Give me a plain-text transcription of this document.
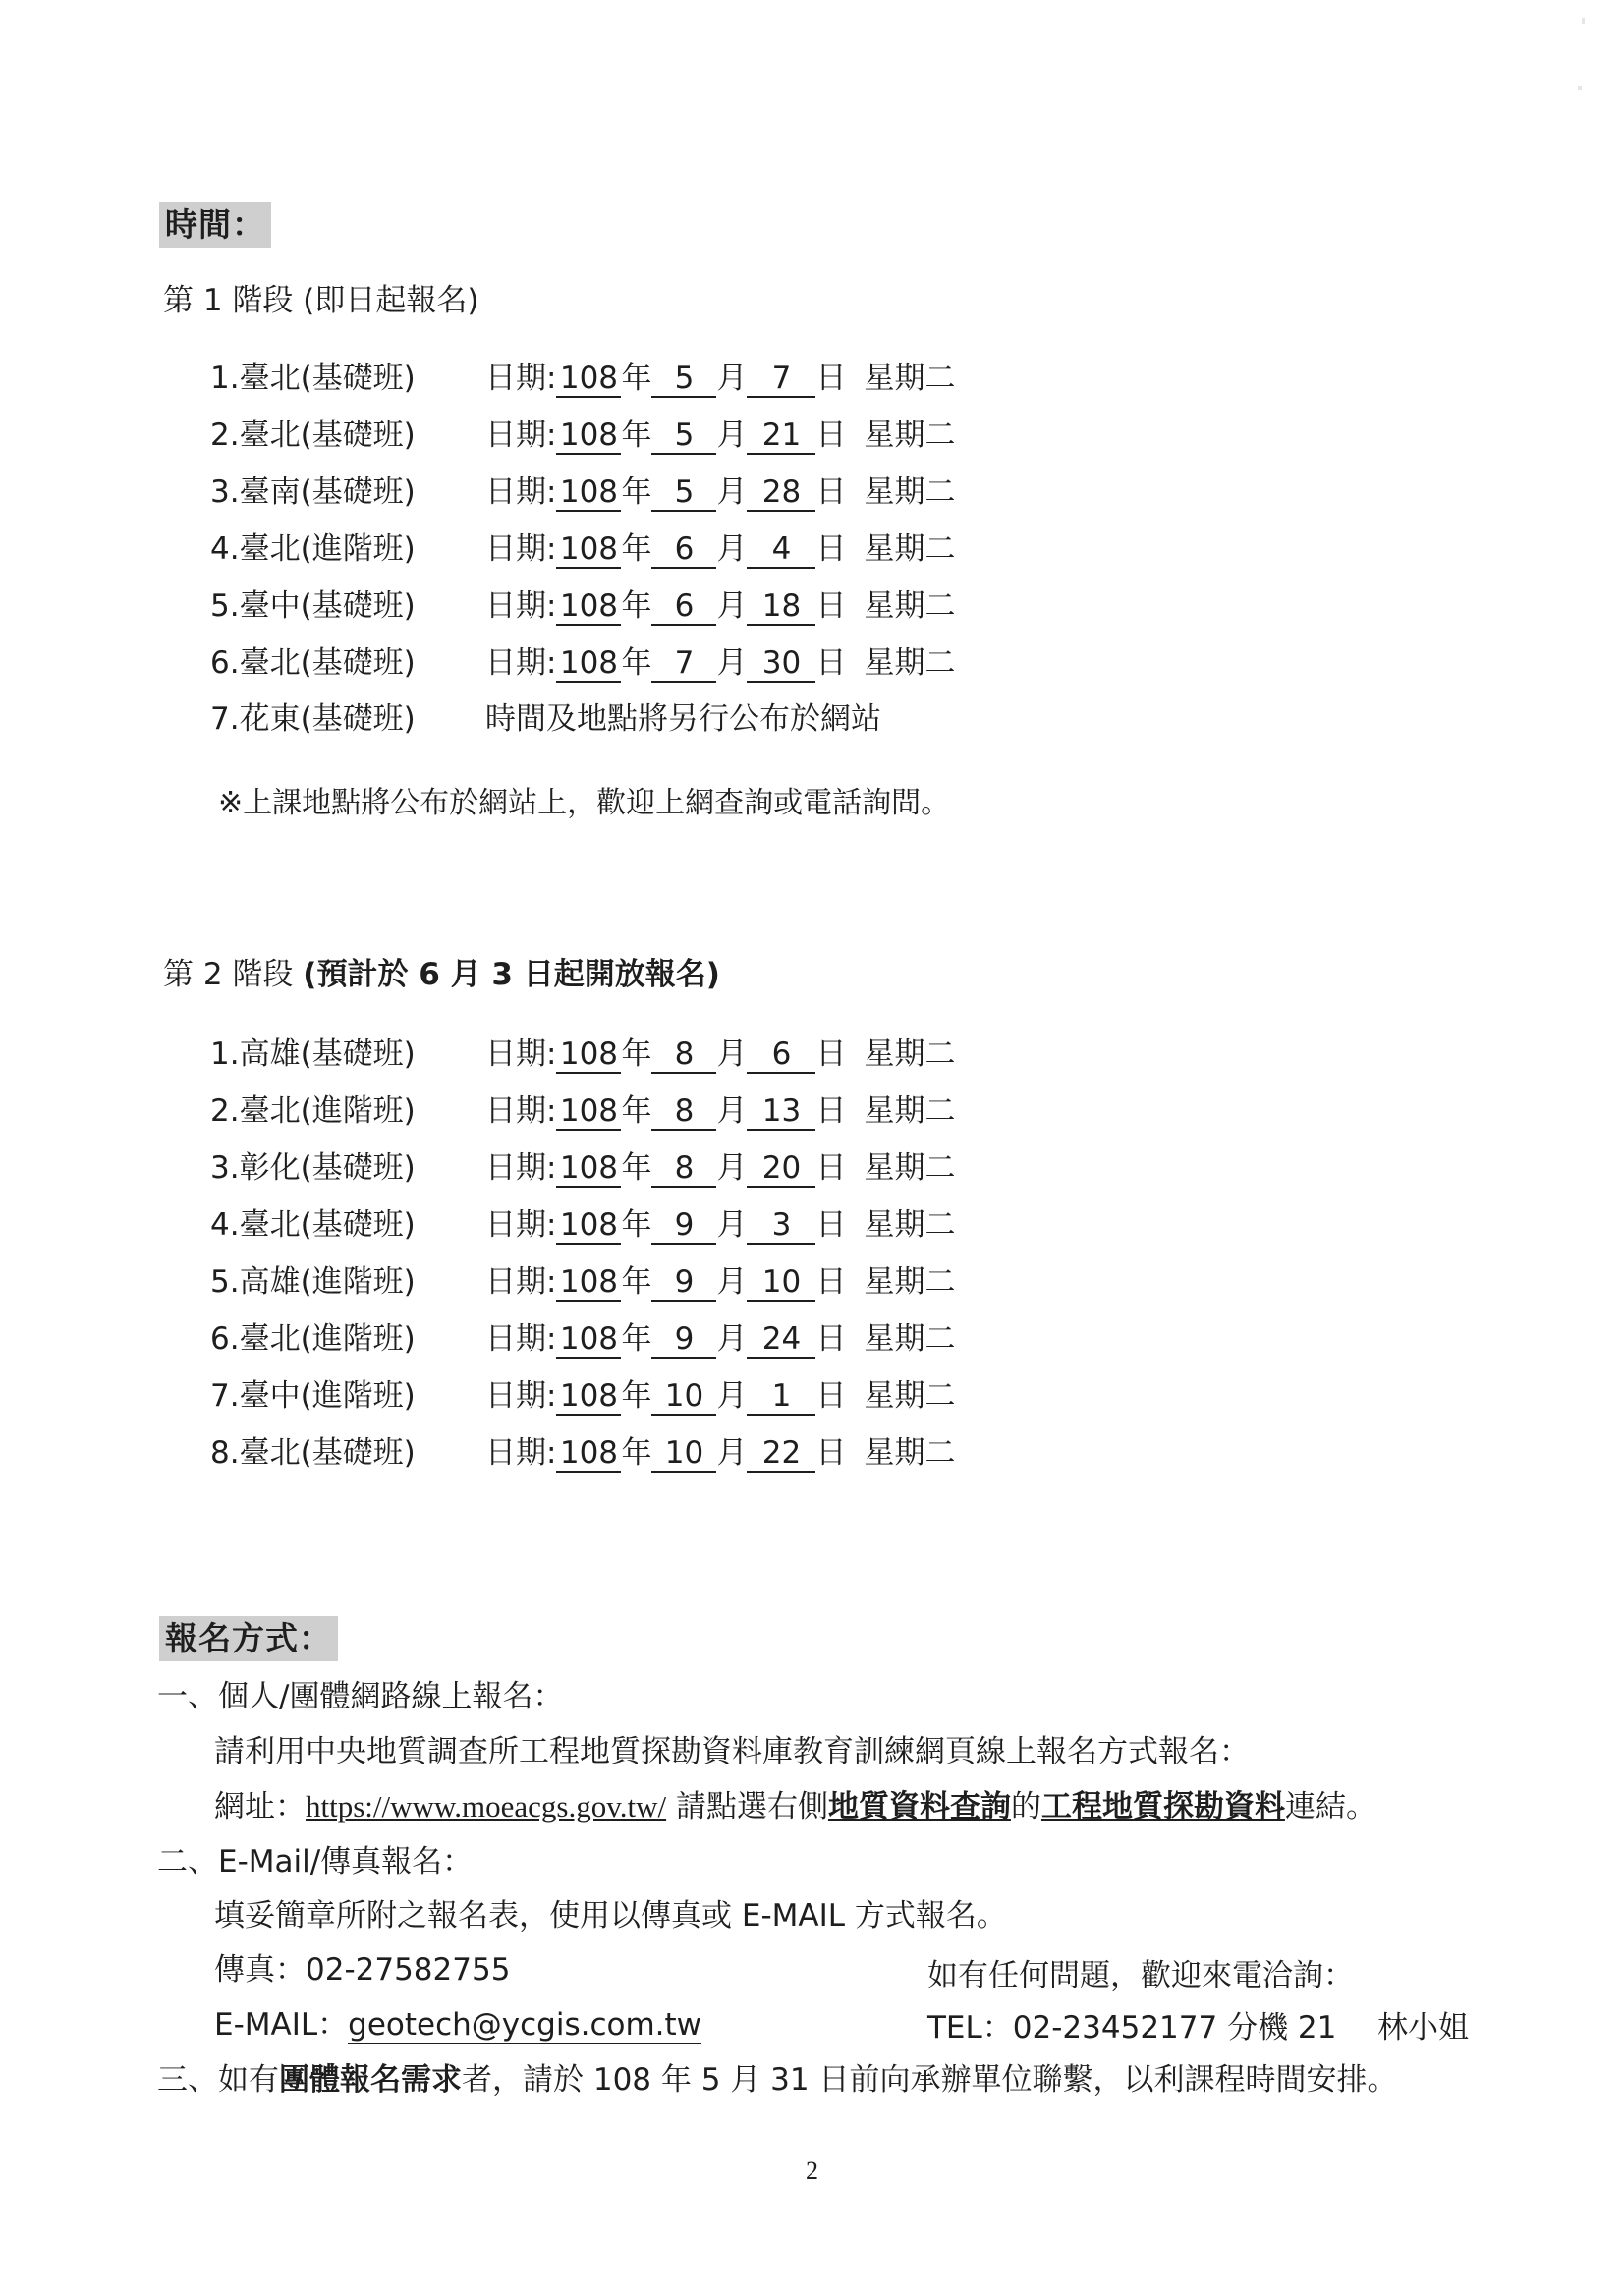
時間：
第 1 階段 (即日起報名)
1.臺北(基礎班) 日期: 108 年 5 月 7 日 星期二
2.臺北(基礎班) 日期: 108 年 5 月 21 日 星期二
3.臺南(基礎班) 日期: 108 年 5 月 28 日 星期二
4.臺北(進階班) 日期: 108 年 6 月 4 日 星期二
5.臺中(基礎班) 日期: 108 年 6 月 18 日 星期二
6.臺北(基礎班) 日期: 108 年 7 月 30 日 星期二
7.花東(基礎班) 時間及地點將另行公布於網站
※上課地點將公布於網站上，歡迎上網查詢或電話詢問。
第 2 階段 (預計於 6 月 3 日起開放報名)
1.高雄(基礎班) 日期: 108 年 8 月 6 日 星期二
2.臺北(進階班) 日期: 108 年 8 月 13 日 星期二
3.彰化(基礎班) 日期: 108 年 8 月 20 日 星期二
4.臺北(基礎班) 日期: 108 年 9 月 3 日 星期二
5.高雄(進階班) 日期: 108 年 9 月 10 日 星期二
6.臺北(進階班) 日期: 108 年 9 月 24 日 星期二
7.臺中(進階班) 日期: 108 年 10 月 1 日 星期二
8.臺北(基礎班) 日期: 108 年 10 月 22 日 星期二
報名方式：
一、個人/團體網路線上報名：
請利用中央地質調查所工程地質探勘資料庫教育訓練網頁線上報名方式報名：
網址：https://www.moeacgs.gov.tw/ 請點選右側地質資料查詢的工程地質探勘資料連結。
二、E-Mail/傳真報名：
填妥簡章所附之報名表，使用以傳真或 E-MAIL 方式報名。
傳真：02-27582755	如有任何問題，歡迎來電洽詢：
E-MAIL：geotech@ycgis.com.tw	TEL：02-23452177 分機 21 林小姐
三、如有團體報名需求者，請於 108 年 5 月 31 日前向承辦單位聯繫，以利課程時間安排。
2
